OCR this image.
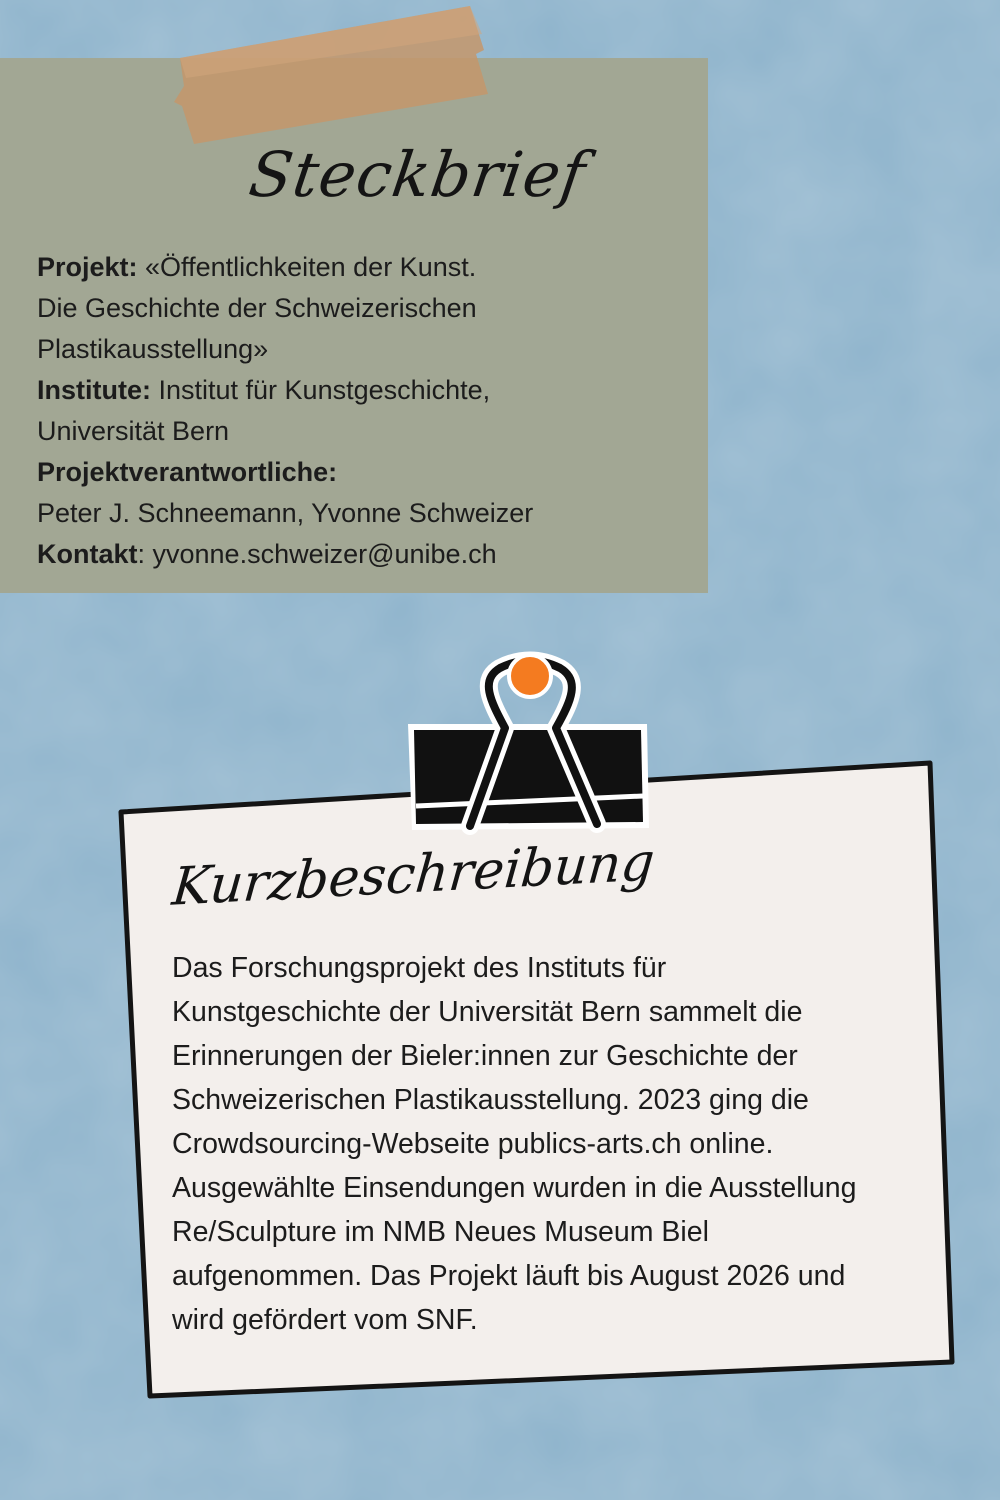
Steckbrief
Projekt: «Öffentlichkeiten der Kunst.
Die Geschichte der Schweizerischen
Plastikausstellung»
Institute: Institut für Kunstgeschichte,
Universität Bern
Projektverantwortliche:
Peter J. Schneemann, Yvonne Schweizer
Kontakt: yvonne.schweizer@unibe.ch
Kurzbeschreibung
Das Forschungsprojekt des Instituts für
Kunstgeschichte der Universität Bern sammelt die
Erinnerungen der Bieler:innen zur Geschichte der
Schweizerischen Plastikausstellung. 2023 ging die
Crowdsourcing-Webseite publics-arts.ch online.
Ausgewählte Einsendungen wurden in die Ausstellung
Re/Sculpture im NMB Neues Museum Biel
aufgenommen. Das Projekt läuft bis August 2026 und
wird gefördert vom SNF.
